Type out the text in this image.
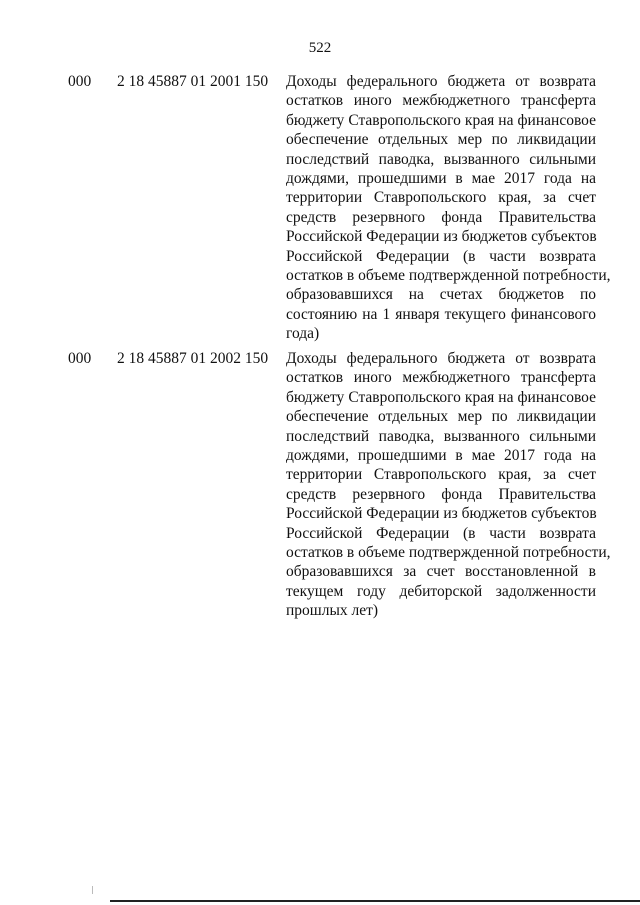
522
000 2 18 45887 01 2001 150 Доходы федерального бюджета от возврата
остатков иного межбюджетного трансферта
бюджету Ставропольского края на финансовое
обеспечение отдельных мер по ликвидации
последствий паводка, вызванного сильными
дождями, прошедшими в мае 2017 года на
территории Ставропольского края, за счет
средств резервного фонда Правительства
Российской Федерации из бюджетов субъектов
Российской Федерации (в части возврата
остатков в объеме подтвержденной потребности,
образовавшихся на счетах бюджетов по
состоянию на 1 января текущего финансового
года)
000 2 18 45887 01 2002 150 Доходы федерального бюджета от возврата
остатков иного межбюджетного трансферта
бюджету Ставропольского края на финансовое
обеспечение отдельных мер по ликвидации
последствий паводка, вызванного сильными
дождями, прошедшими в мае 2017 года на
территории Ставропольского края, за счет
средств резервного фонда Правительства
Российской Федерации из бюджетов субъектов
Российской Федерации (в части возврата
остатков в объеме подтвержденной потребности,
образовавшихся за счет восстановленной в
текущем году дебиторской задолженности
прошлых лет)
